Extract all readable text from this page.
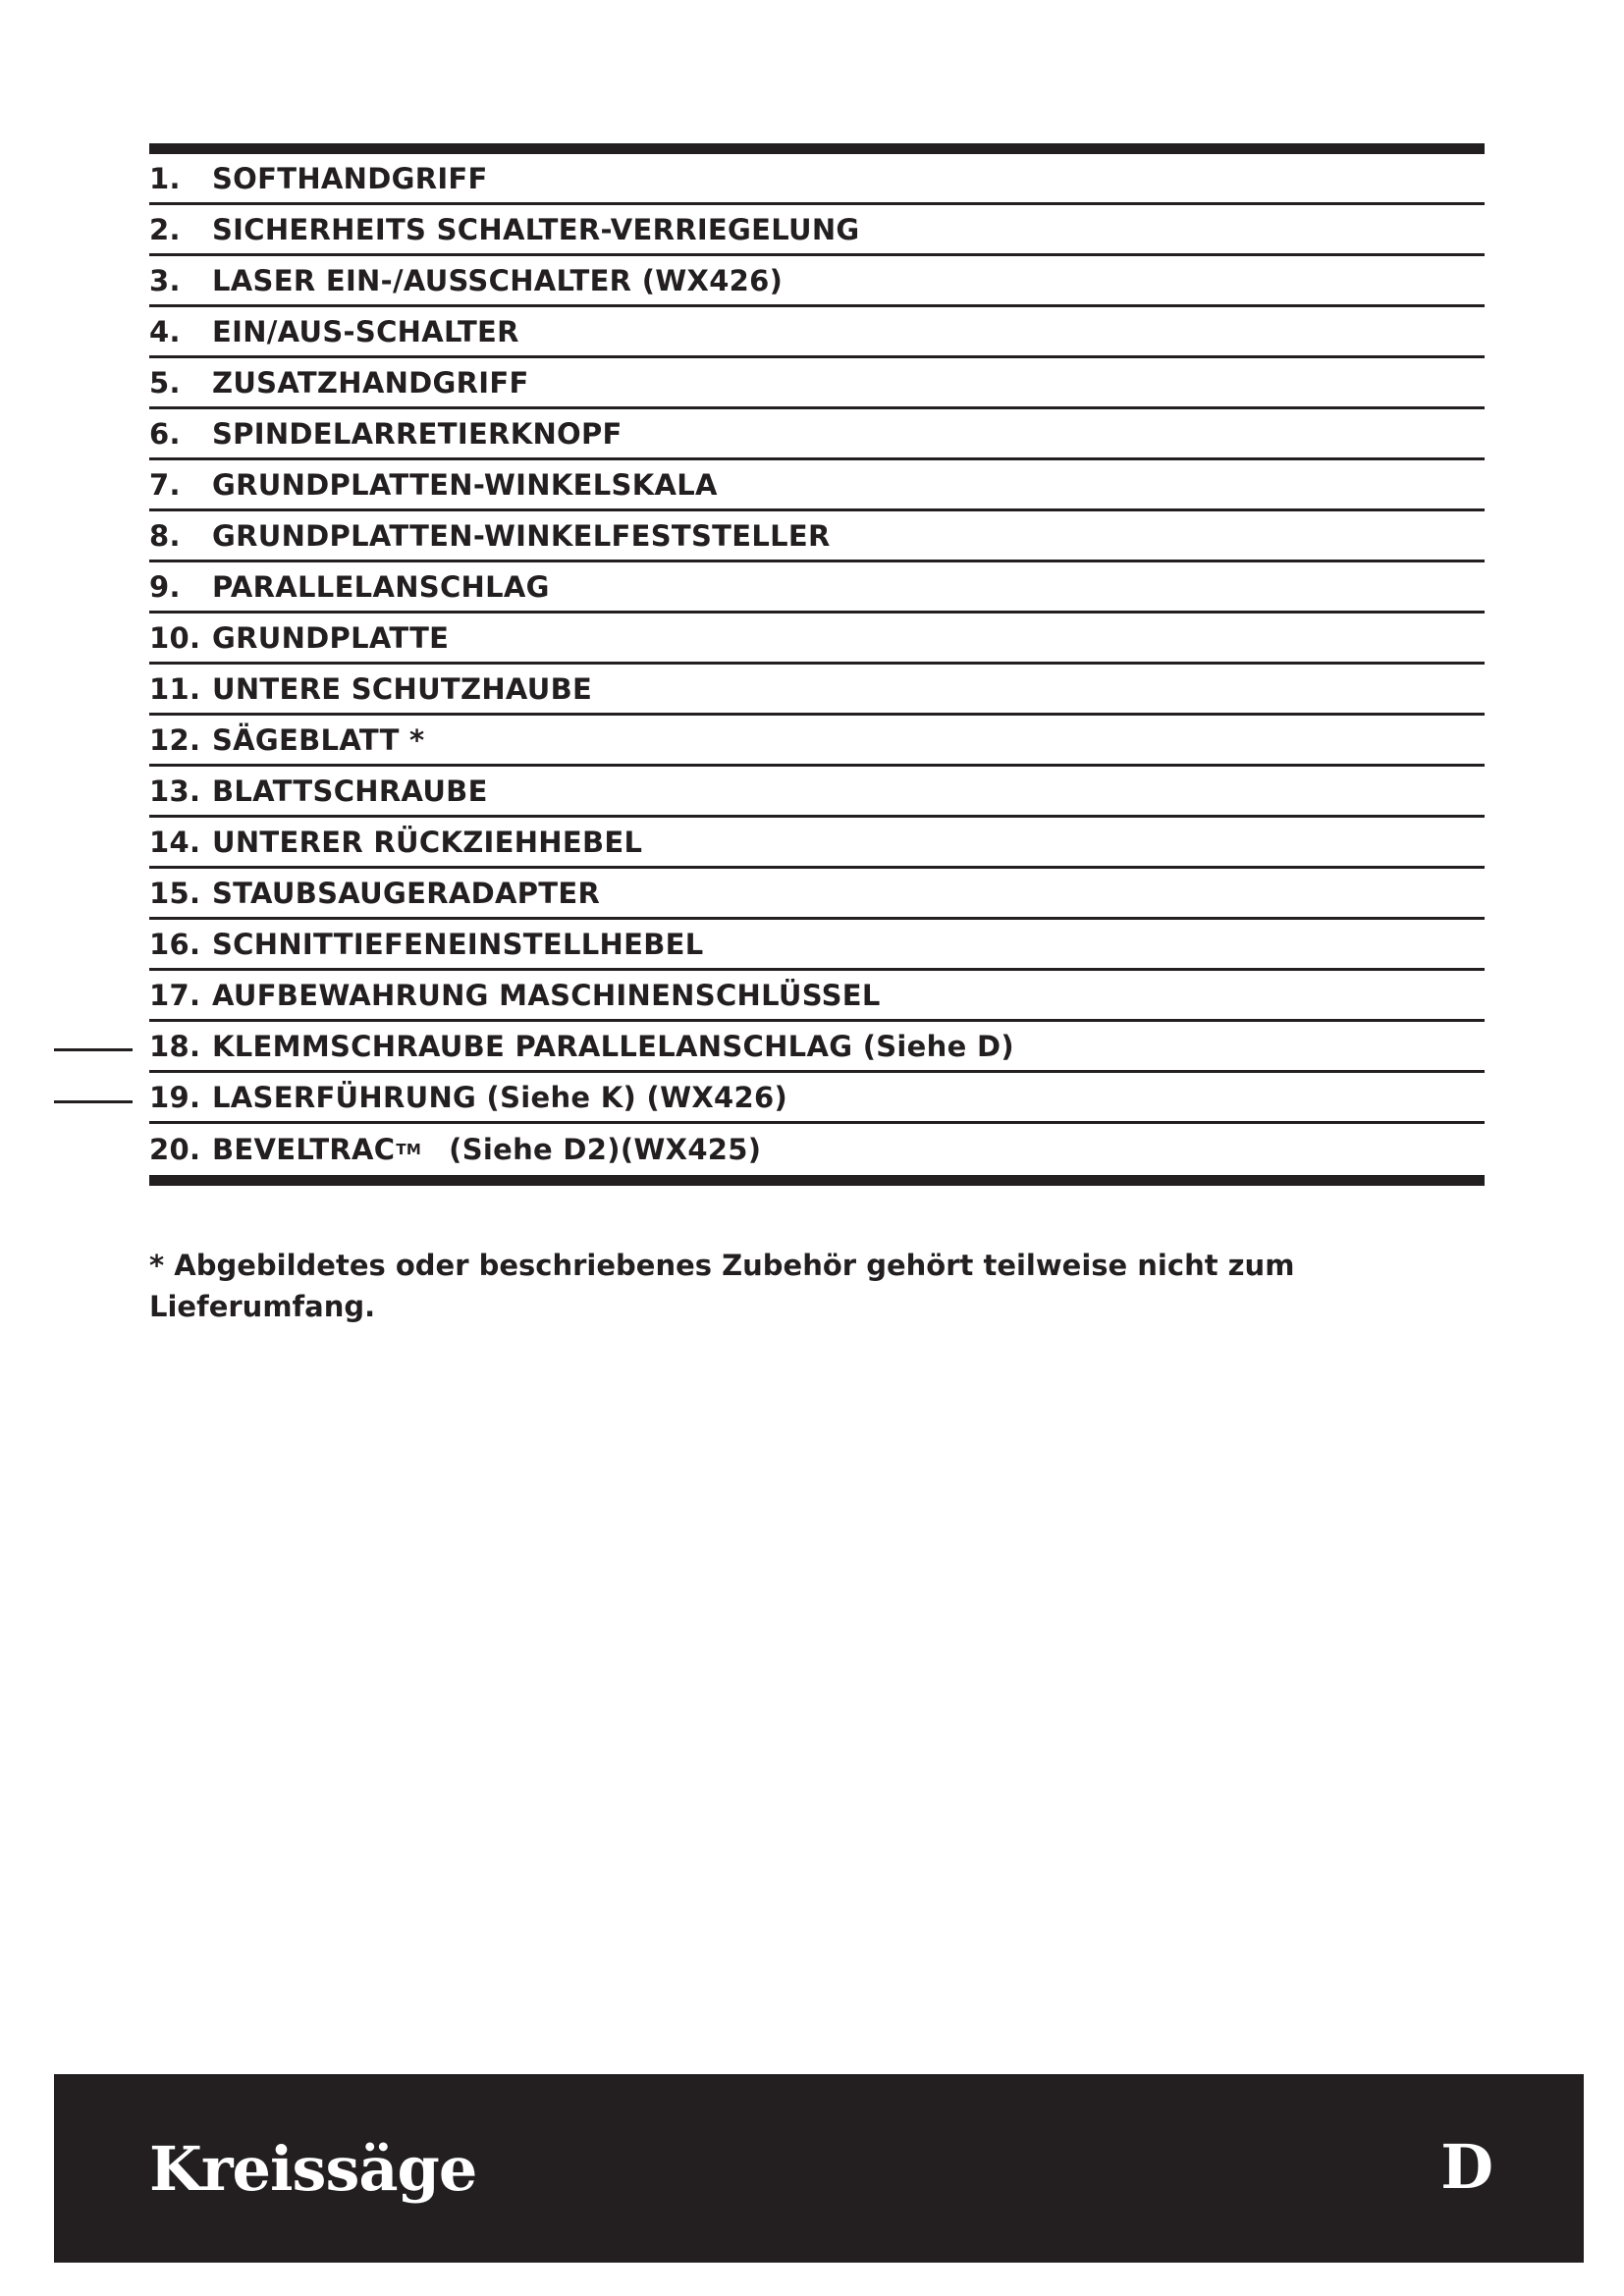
1.	SOFTHANDGRIFF
2.	SICHERHEITS SCHALTER-VERRIEGELUNG
3.	LASER EIN-/AUSSCHALTER (WX426)
4.	EIN/AUS-SCHALTER
5.	ZUSATZHANDGRIFF
6.	SPINDELARRETIERKNOPF
7.	GRUNDPLATTEN-WINKELSKALA
8.	GRUNDPLATTEN-WINKELFESTSTELLER
9.	PARALLELANSCHLAG
10. GRUNDPLATTE
11. UNTERE SCHUTZHAUBE
12. SÄGEBLATT *
13. BLATTSCHRAUBE
14. UNTERER RÜCKZIEHHEBEL
15. STAUBSAUGERADAPTER
16. SCHNITTIEFENEINSTELLHEBEL
17. AUFBEWAHRUNG MASCHINENSCHLÜSSEL
18. KLEMMSCHRAUBE PARALLELANSCHLAG (Siehe D)
19. LASERFÜHRUNG (Siehe K) (WX426)
20. BEVELTRAC TM (Siehe D2)(WX425)
* Abgebildetes oder beschriebenes Zubehör gehört teilweise nicht zum Lieferumfang.
Kreissäge	D
